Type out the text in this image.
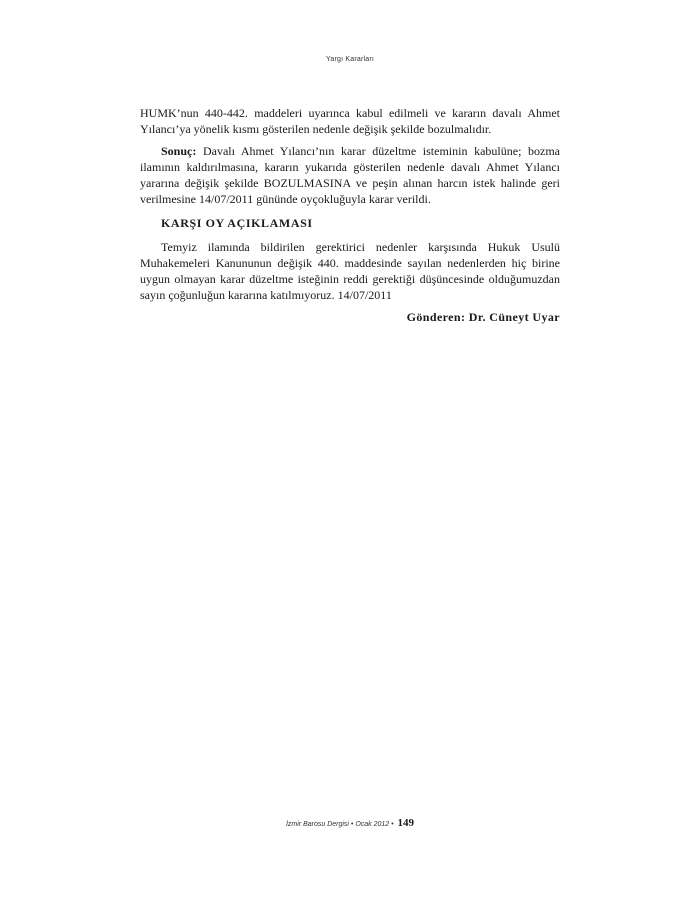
Yargı Kararları

HUMK’nun 440-442. maddeleri uyarınca kabul edilmeli ve kararın davalı Ahmet Yılancı’ya yönelik kısmı gösterilen nedenle değişik şekilde bozulmalıdır.

Sonuç: Davalı Ahmet Yılancı’nın karar düzeltme isteminin kabulüne; bozma ilamının kaldırılmasına, kararın yukarıda gösterilen nedenle davalı Ahmet Yılancı yararına değişik şekilde BOZULMASINA ve peşin alınan harcın istek halinde geri verilmesine 14/07/2011 gününde oyçokluğuyla karar verildi.

KARŞI OY AÇIKLAMASI

Temyiz ilamında bildirilen gerektirici nedenler karşısında Hukuk Usulü Muhakemeleri Kanununun değişik 440. maddesinde sayılan nedenlerden hiç birine uygun olmayan karar düzeltme isteğinin reddi gerektiği düşüncesinde olduğumuzdan sayın çoğunluğun kararına katılmıyoruz. 14/07/2011

Gönderen: Dr. Cüneyt Uyar

İzmir Barosu Dergisi • Ocak 2012 • 149
